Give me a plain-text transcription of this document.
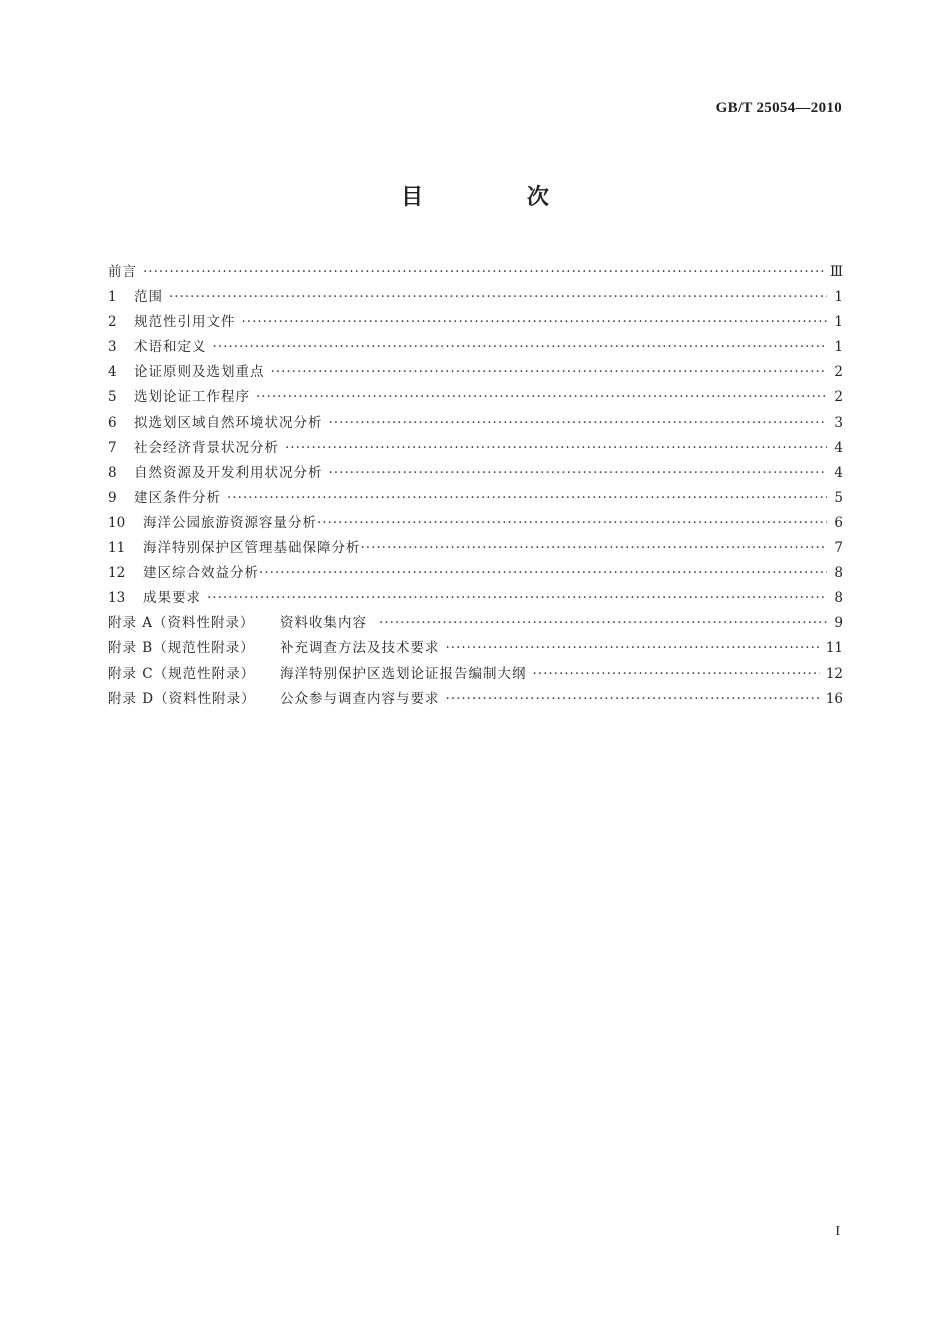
GB/T 25054—2010
目 次
前言 ·····	Ⅲ
1 范围 ·····	1
2 规范性引用文件 ·····	1
3 术语和定义 ·····	1
4 论证原则及选划重点 ·····	2
5 选划论证工作程序 ·····	2
6 拟选划区域自然环境状况分析 ·····	3
7 社会经济背景状况分析 ·····	4
8 自然资源及开发利用状况分析 ·····	4
9 建区条件分析 ·····	5
10 海洋公园旅游资源容量分析 ·····	6
11 海洋特别保护区管理基础保障分析 ·····	7
12 建区综合效益分析 ·····	8
13 成果要求 ·····	8
附录 A（资料性附录） 资料收集内容 ·····	9
附录 B（规范性附录） 补充调查方法及技术要求 ·····	11
附录 C（规范性附录） 海洋特别保护区选划论证报告编制大纲 ·····	12
附录 D（资料性附录） 公众参与调查内容与要求 ·····	16
I
